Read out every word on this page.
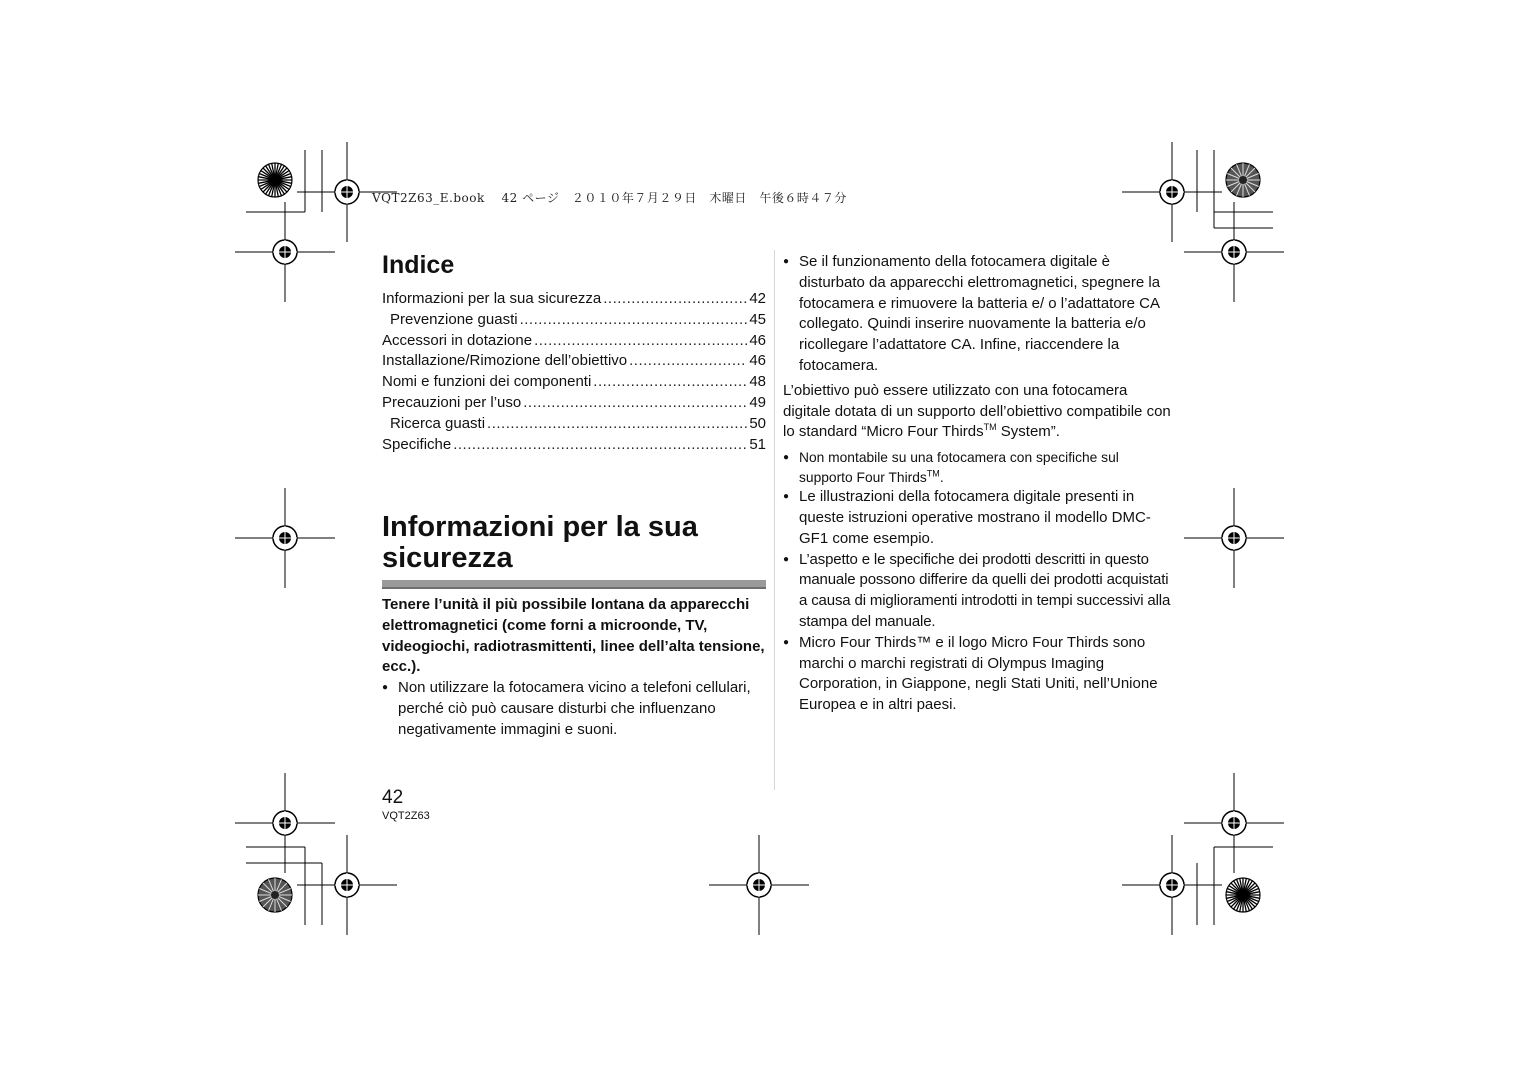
VQT2Z63_E.book　 42 ページ　２０１０年７月２９日　木曜日　午後６時４７分
Indice
Informazioni per la sua sicurezza .....	42
Prevenzione guasti .....	45
Accessori in dotazione .....	46
Installazione/Rimozione dell’obiettivo .....	46
Nomi e funzioni dei componenti .....	48
Precauzioni per l’uso .....	49
Ricerca guasti .....	50
Specifiche .....	51
Informazioni per la sua
sicurezza
Tenere l’unità il più possibile lontana da apparecchi elettromagnetici (come forni a microonde, TV, videogiochi, radiotrasmittenti, linee dell’alta tensione, ecc.).
● Non utilizzare la fotocamera vicino a telefoni cellulari, perché ciò può causare disturbi che influenzano negativamente immagini e suoni.
● Se il funzionamento della fotocamera digitale è disturbato da apparecchi elettromagnetici, spegnere la fotocamera e rimuovere la batteria e/ o l’adattatore CA collegato. Quindi inserire nuovamente la batteria e/o ricollegare l’adattatore CA. Infine, riaccendere la fotocamera.

L’obiettivo può essere utilizzato con una fotocamera digitale dotata di un supporto dell’obiettivo compatibile con lo standard “Micro Four Thirds™ System”.

● Non montabile su una fotocamera con specifiche sul supporto Four Thirds™.
● Le illustrazioni della fotocamera digitale presenti in queste istruzioni operative mostrano il modello DMC-GF1 come esempio.
● L’aspetto e le specifiche dei prodotti descritti in questo manuale possono differire da quelli dei prodotti acquistati a causa di miglioramenti introdotti in tempi successivi alla stampa del manuale.
● Micro Four Thirds™ e il logo Micro Four Thirds sono marchi o marchi registrati di Olympus Imaging Corporation, in Giappone, negli Stati Uniti, nell’Unione Europea e in altri paesi.
42
VQT2Z63
